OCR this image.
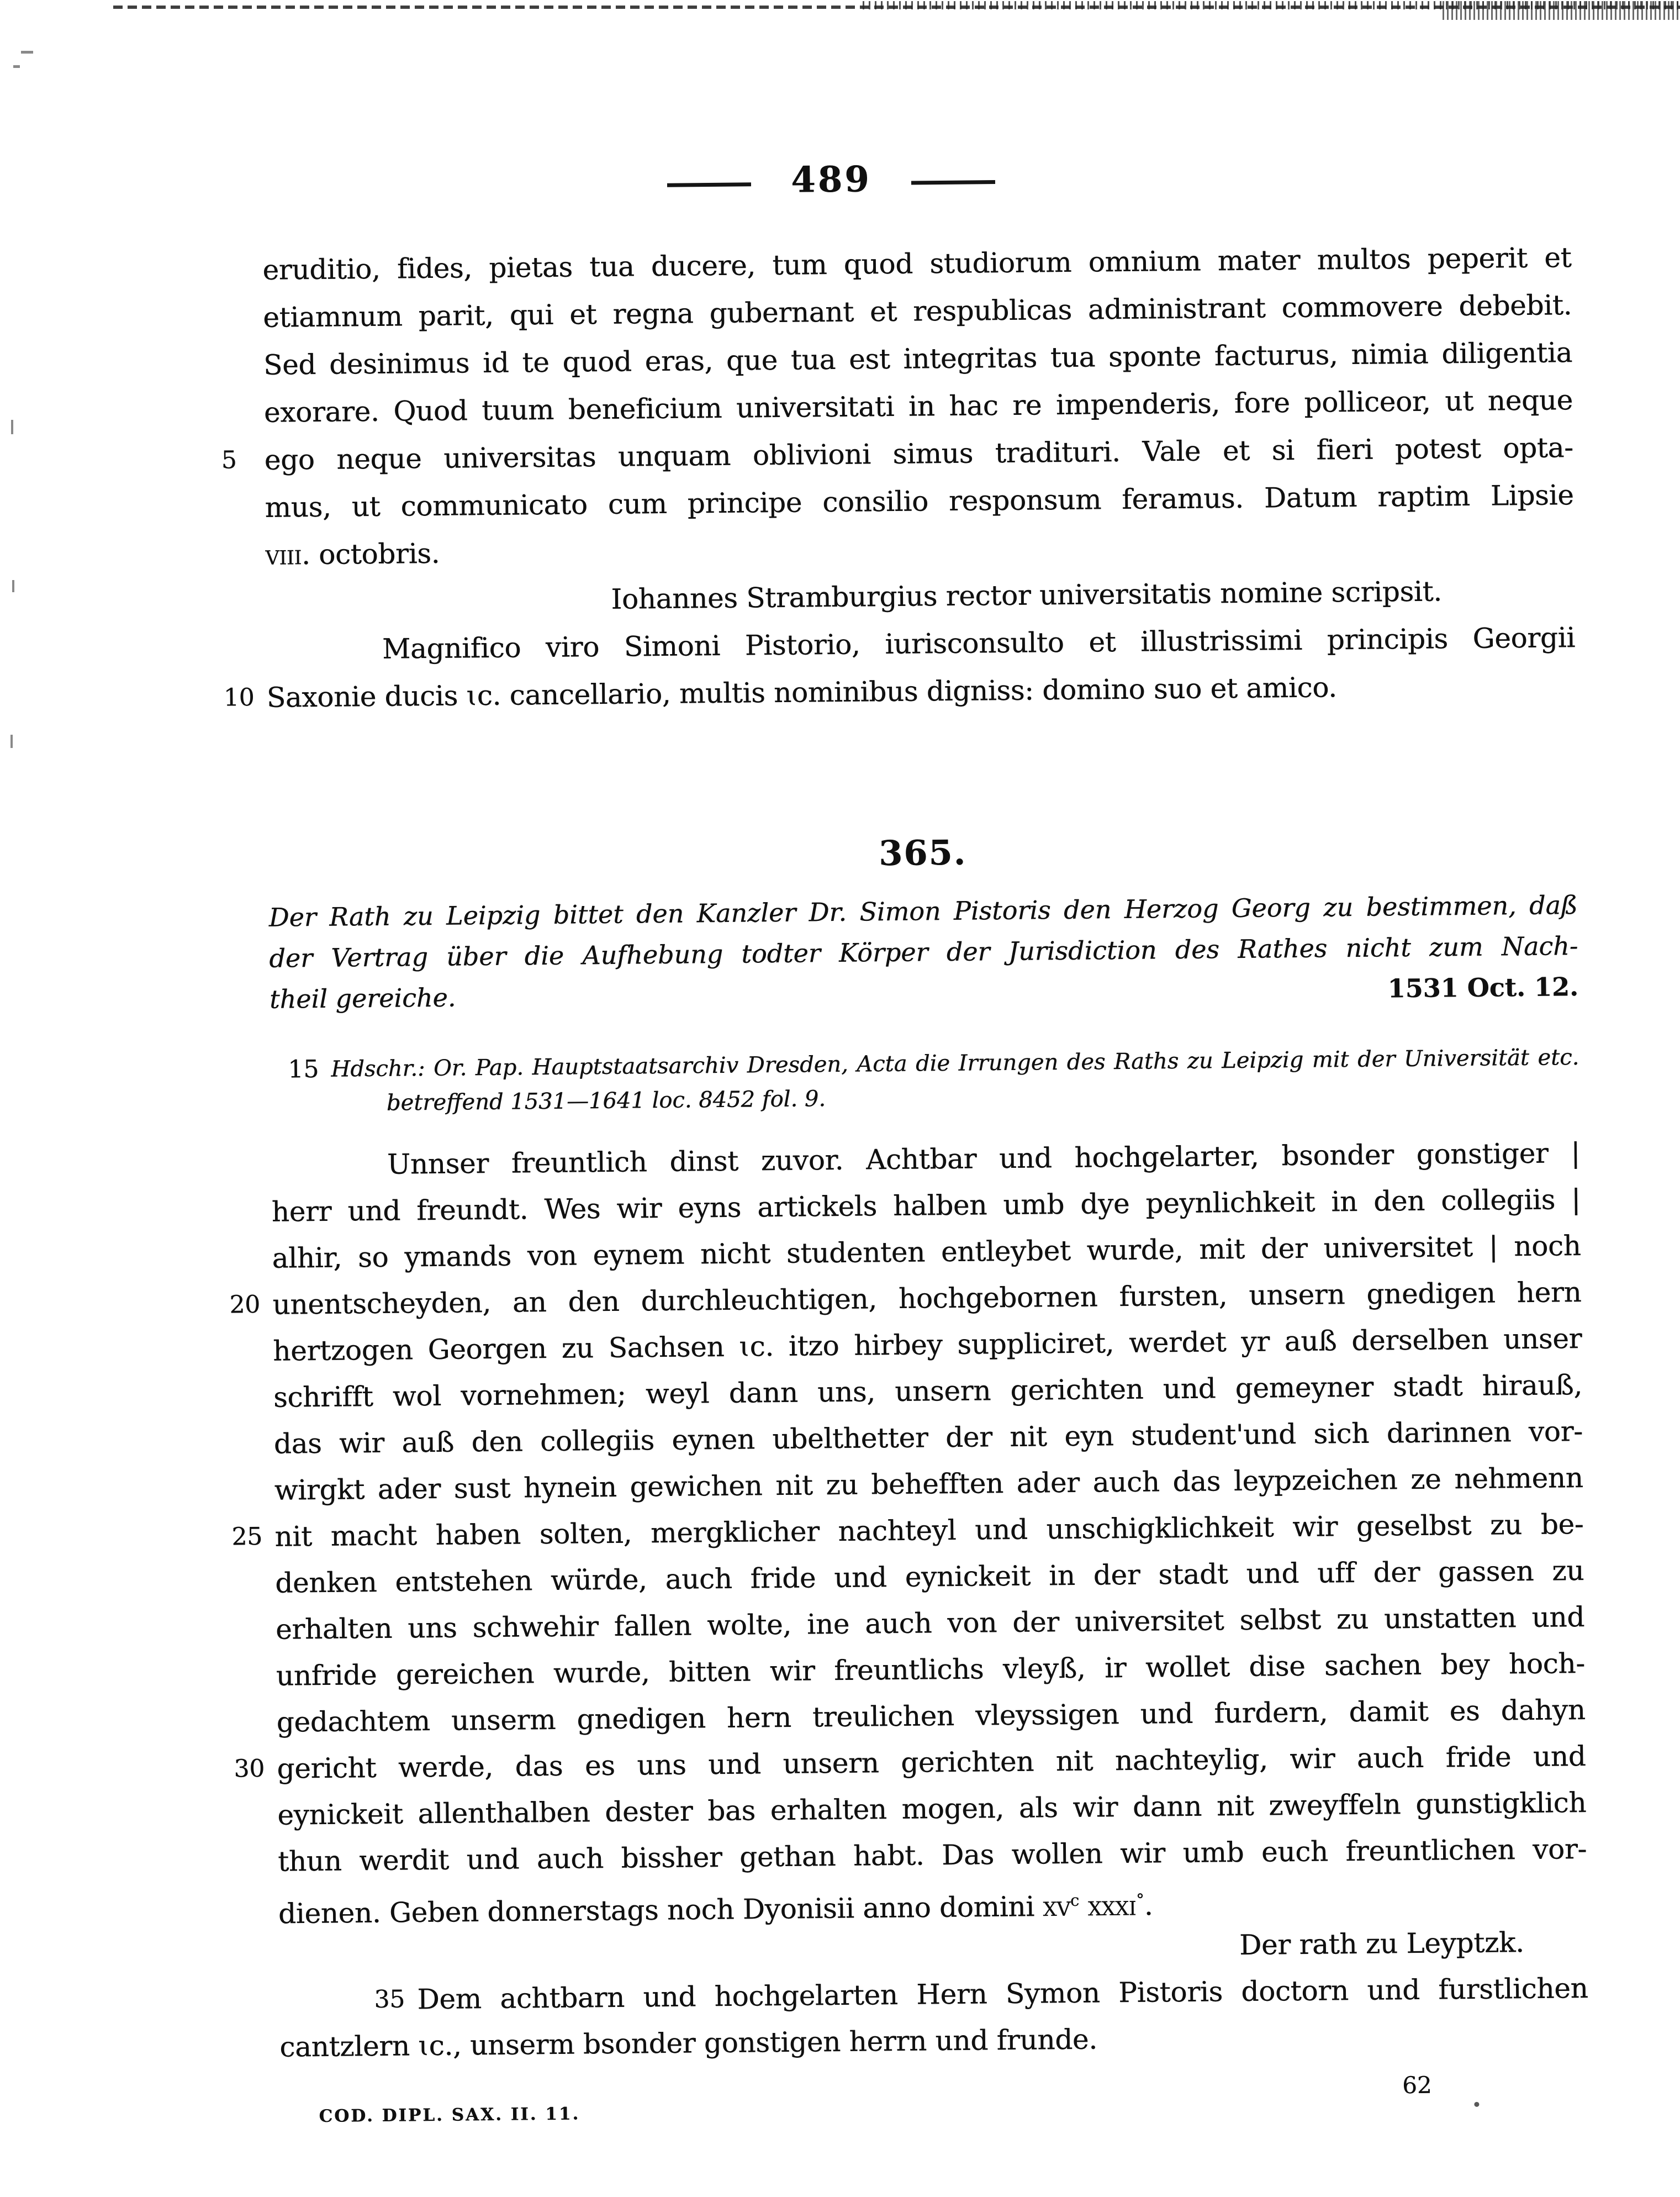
489
eruditio, fides, pietas tua ducere, tum quod studiorum omnium mater multos peperit et
etiamnum parit, qui et regna gubernant et respublicas administrant commovere debebit.
Sed desinimus id te quod eras, que tua est integritas tua sponte facturus, nimia diligentia
exorare. Quod tuum beneficium universitati in hac re impenderis, fore polliceor, ut neque
5 ego neque universitas unquam oblivioni simus tradituri. Vale et si fieri potest opta-
mus, ut communicato cum principe consilio responsum feramus. Datum raptim Lipsie
viii. octobris.
Iohannes Stramburgius rector universitatis nomine scripsit.
Magnifico viro Simoni Pistorio, iurisconsulto et illustrissimi principis Georgii
10 Saxonie ducis ɩc. cancellario, multis nominibus digniss: domino suo et amico.
365.
Der Rath zu Leipzig bittet den Kanzler Dr. Simon Pistoris den Herzog Georg zu bestimmen, daß
der Vertrag über die Aufhebung todter Körper der Jurisdiction des Rathes nicht zum Nach-
theil gereiche.	1531 Oct. 12.
15 Hdschr.: Or. Pap. Hauptstaatsarchiv Dresden, Acta die Irrungen des Raths zu Leipzig mit der Universität etc.
betreffend 1531—1641 loc. 8452 fol. 9.
Unnser freuntlich dinst zuvor. Achtbar und hochgelarter, bsonder gonstiger |
herr und freundt. Wes wir eyns artickels halben umb dye peynlichkeit in den collegiis |
alhir, so ymands von eynem nicht studenten entleybet wurde, mit der universitet | noch
20 unentscheyden, an den durchleuchtigen, hochgebornen fursten, unsern gnedigen hern
hertzogen Georgen zu Sachsen ɩc. itzo hirbey suppliciret, werdet yr auß derselben unser
schrifft wol vornehmen; weyl dann uns, unsern gerichten und gemeyner stadt hirauß,
das wir auß den collegiis eynen ubelthetter der nit eyn student'und sich darinnen vor-
wirgkt ader sust hynein gewichen nit zu behefften ader auch das leypzeichen ze nehmenn
25 nit macht haben solten, mergklicher nachteyl und unschigklichkeit wir geselbst zu be-
denken entstehen würde, auch fride und eynickeit in der stadt und uff der gassen zu
erhalten uns schwehir fallen wolte, ine auch von der universitet selbst zu unstatten und
unfride gereichen wurde, bitten wir freuntlichs vleyß, ir wollet dise sachen bey hoch-
gedachtem unserm gnedigen hern treulichen vleyssigen und furdern, damit es dahyn
30 gericht werde, das es uns und unsern gerichten nit nachteylig, wir auch fride und
eynickeit allenthalben dester bas erhalten mogen, als wir dann nit zweyffeln gunstigklich
thun werdit und auch bissher gethan habt. Das wollen wir umb euch freuntlichen vor-
dienen. Geben donnerstags noch Dyonisii anno domini $xv^c$ xxxi°.
Der rath zu Leyptzk.
35 Dem achtbarn und hochgelarten Hern Symon Pistoris doctorn und furstlichen
cantzlern ɩc., unserm bsonder gonstigen herrn und frunde.
COD. DIPL. SAX. II. 11.
62
